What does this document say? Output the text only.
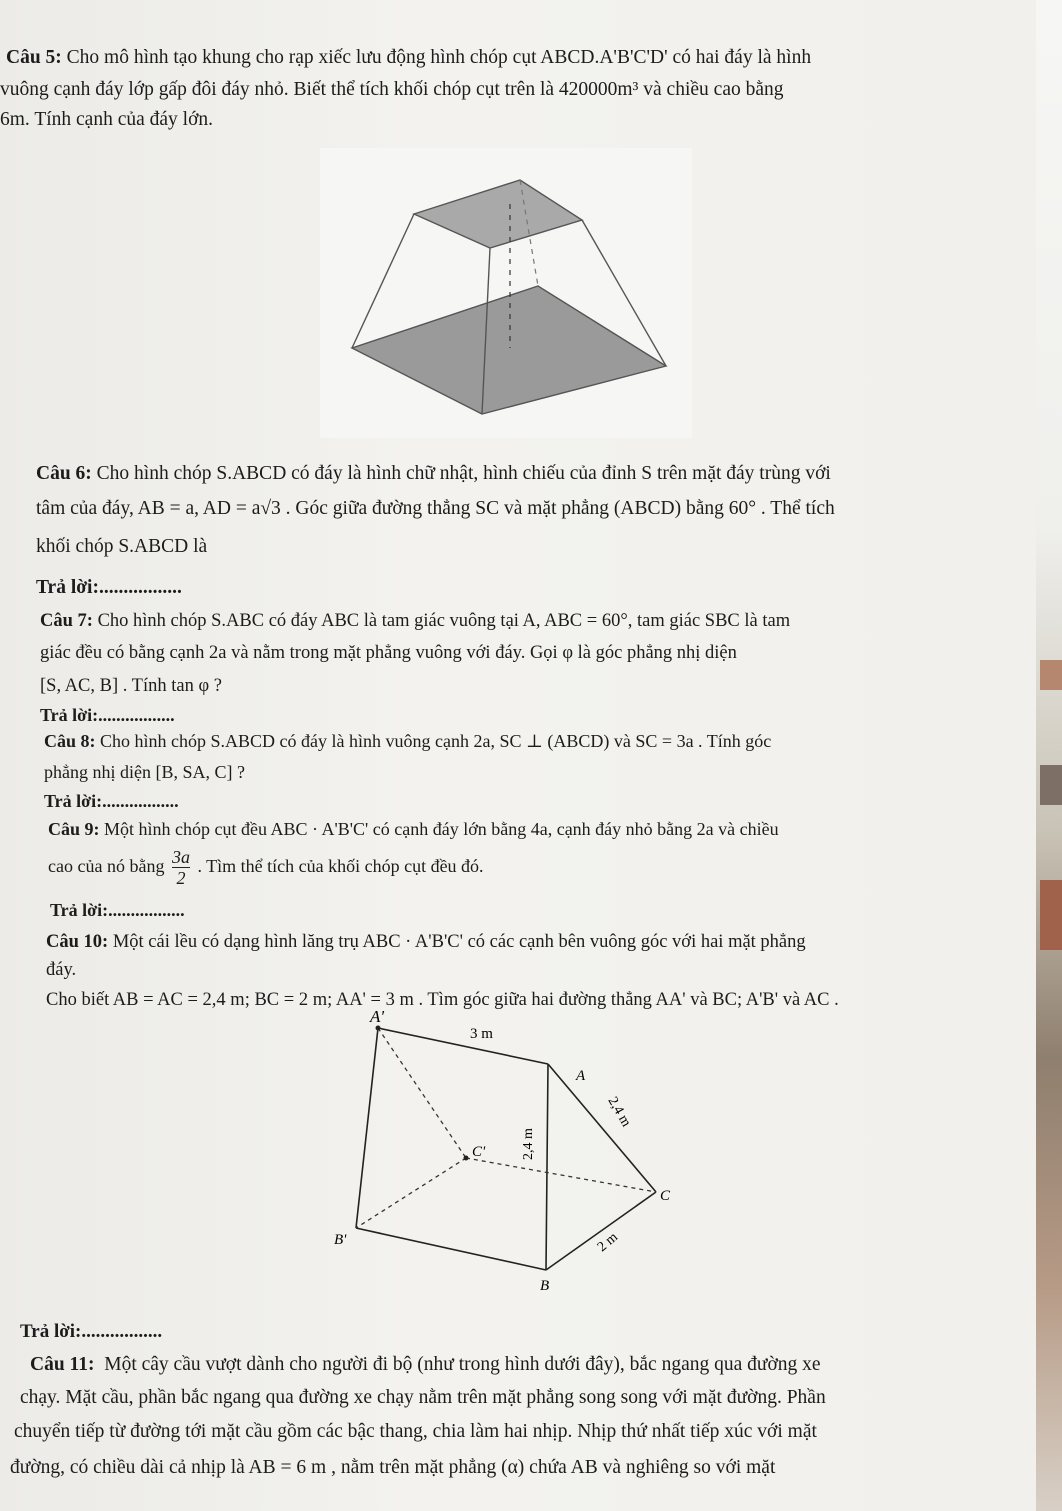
Câu 5: Cho mô hình tạo khung cho rạp xiếc lưu động hình chóp cụt ABCD.A'B'C'D' có hai đáy là hình
vuông cạnh đáy lớp gấp đôi đáy nhỏ. Biết thể tích khối chóp cụt trên là 420000m³ và chiều cao bằng
6m. Tính cạnh của đáy lớn.
Câu 6: Cho hình chóp S.ABCD có đáy là hình chữ nhật, hình chiếu của đỉnh S trên mặt đáy trùng với
tâm của đáy, AB = a, AD = a√3 . Góc giữa đường thẳng SC và mặt phẳng (ABCD) bằng 60° . Thể tích
khối chóp S.ABCD là
Trả lời:.................
Câu 7: Cho hình chóp S.ABC có đáy ABC là tam giác vuông tại A, ABC = 60°, tam giác SBC là tam
giác đều có bằng cạnh 2a và nằm trong mặt phẳng vuông với đáy. Gọi φ là góc phẳng nhị diện
[S, AC, B] . Tính tan φ ?
Trả lời:.................
Câu 8: Cho hình chóp S.ABCD có đáy là hình vuông cạnh 2a, SC ⊥ (ABCD) và SC = 3a . Tính góc
phẳng nhị diện [B, SA, C] ?
Trả lời:.................
Câu 9: Một hình chóp cụt đều ABC · A'B'C' có cạnh đáy lớn bằng 4a, cạnh đáy nhỏ bằng 2a và chiều
cao của nó bằng $\frac{3a}{2}$ . Tìm thể tích của khối chóp cụt đều đó.
Trả lời:.................
Câu 10: Một cái lều có dạng hình lăng trụ ABC · A'B'C' có các cạnh bên vuông góc với hai mặt phẳng
đáy.
Cho biết AB = AC = 2,4 m; BC = 2 m; AA' = 3 m . Tìm góc giữa hai đường thẳng AA' và BC; A'B' và AC .
A'
A
B
B'
C
C'
3 m
2,4 m
2,4 m
2 m
Trả lời:.................
Câu 11: Một cây cầu vượt dành cho người đi bộ (như trong hình dưới đây), bắc ngang qua đường xe
chạy. Mặt cầu, phần bắc ngang qua đường xe chạy nằm trên mặt phẳng song song với mặt đường. Phần
chuyển tiếp từ đường tới mặt cầu gồm các bậc thang, chia làm hai nhịp. Nhịp thứ nhất tiếp xúc với mặt
đường, có chiều dài cả nhịp là AB = 6 m , nằm trên mặt phẳng (α) chứa AB và nghiêng so với mặt
